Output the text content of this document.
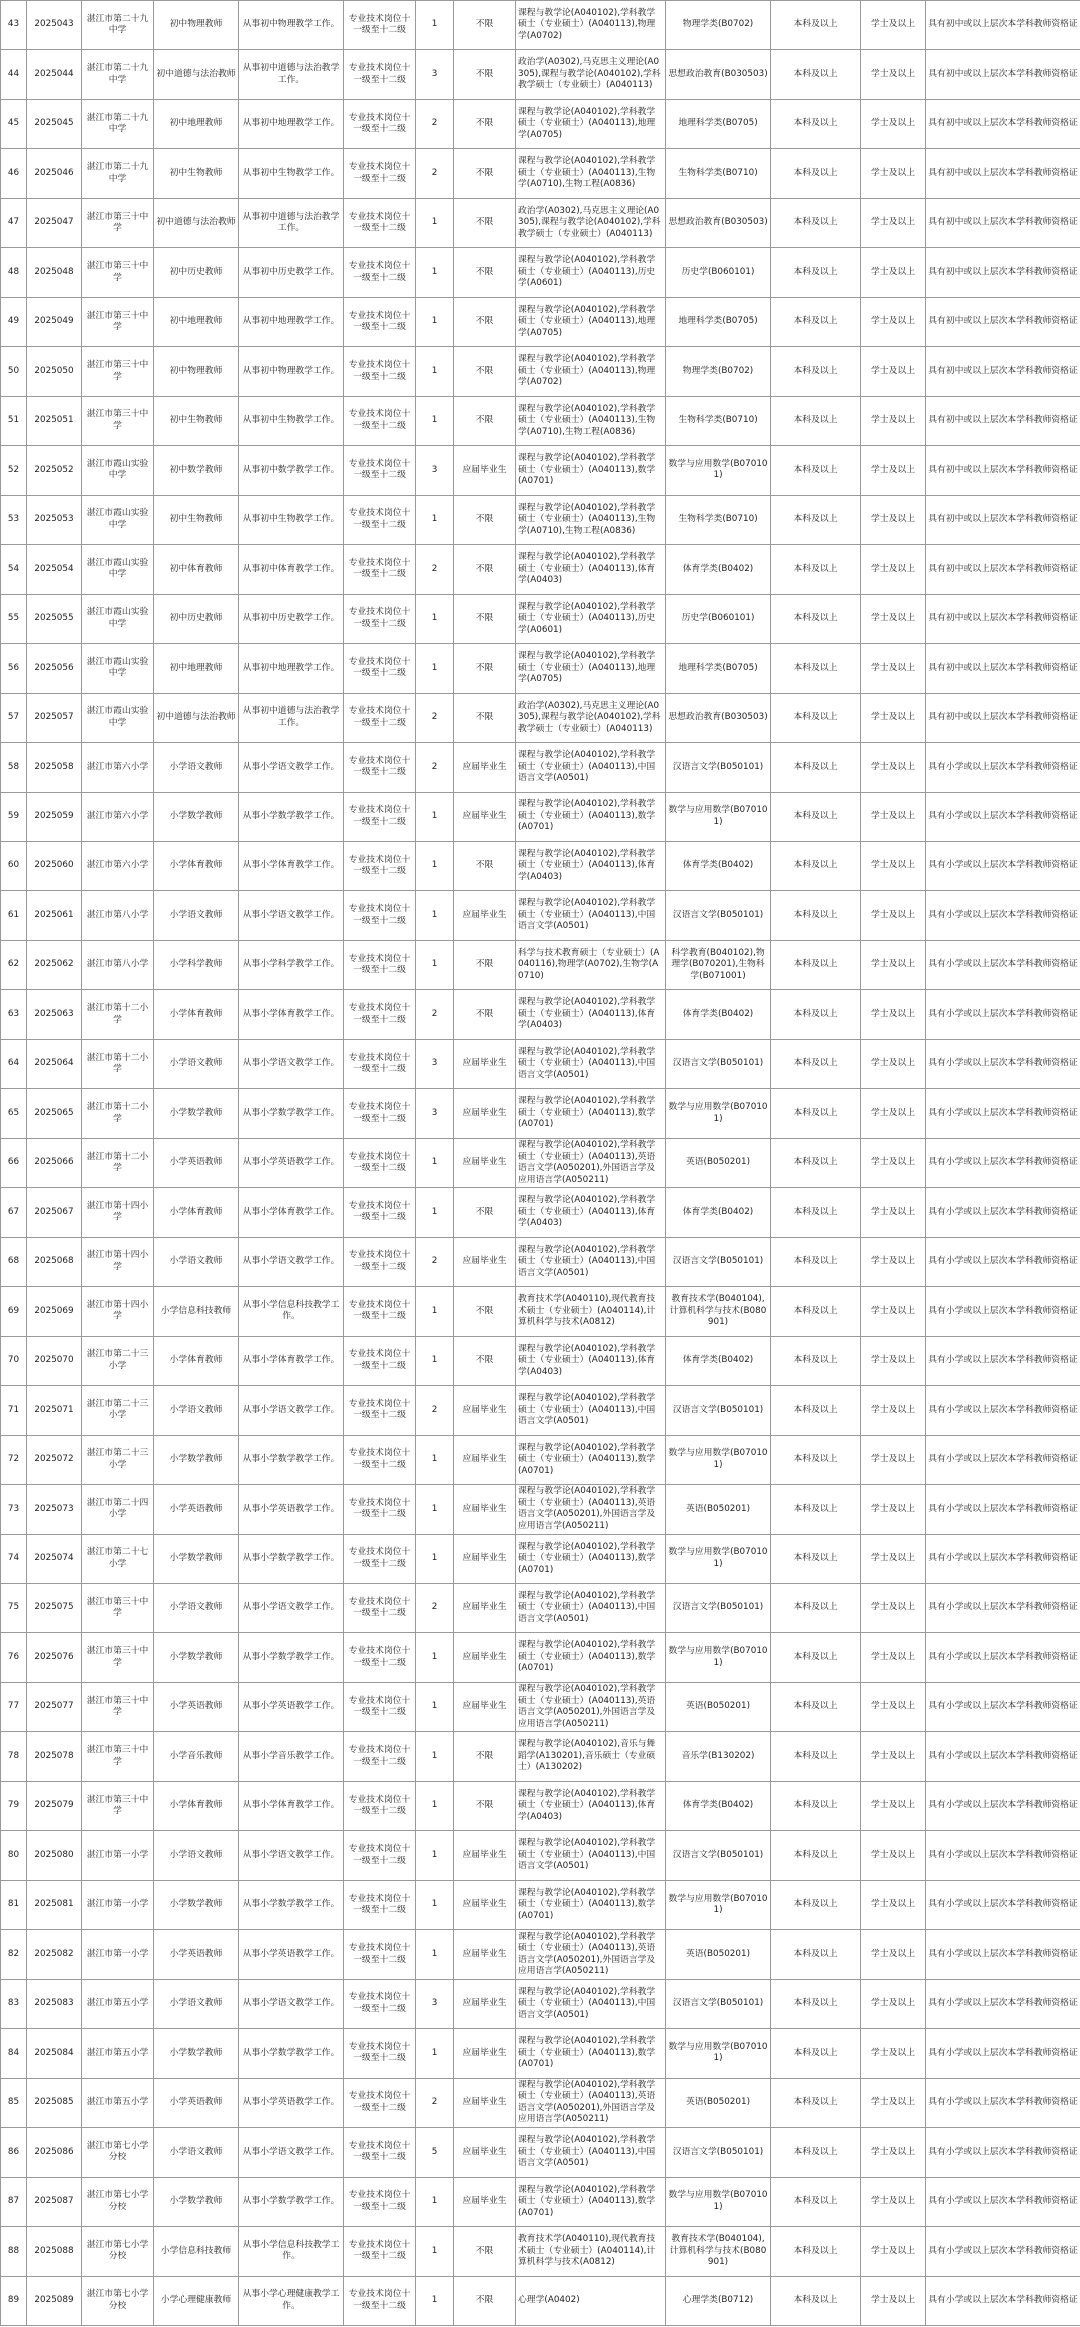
43	2025043	湛江市第二十九中学	初中物理教师	从事初中物理教学工作。	专业技术岗位十一级至十二级	1	不限	课程与教学论(A040102),学科教学硕士（专业硕士）(A040113),物理学(A0702)	物理学类(B0702)	本科及以上	学士及以上	具有初中或以上层次本学科教师资格证
44	2025044	湛江市第二十九中学	初中道德与法治教师	从事初中道德与法治教学工作。	专业技术岗位十一级至十二级	3	不限	政治学(A0302),马克思主义理论(A0305),课程与教学论(A040102),学科教学硕士（专业硕士）(A040113)	思想政治教育(B030503)	本科及以上	学士及以上	具有初中或以上层次本学科教师资格证
45	2025045	湛江市第二十九中学	初中地理教师	从事初中地理教学工作。	专业技术岗位十一级至十二级	2	不限	课程与教学论(A040102),学科教学硕士（专业硕士）(A040113),地理学(A0705)	地理科学类(B0705)	本科及以上	学士及以上	具有初中或以上层次本学科教师资格证
46	2025046	湛江市第二十九中学	初中生物教师	从事初中生物教学工作。	专业技术岗位十一级至十二级	2	不限	课程与教学论(A040102),学科教学硕士（专业硕士）(A040113),生物学(A0710),生物工程(A0836)	生物科学类(B0710)	本科及以上	学士及以上	具有初中或以上层次本学科教师资格证
47	2025047	湛江市第三十中学	初中道德与法治教师	从事初中道德与法治教学工作。	专业技术岗位十一级至十二级	1	不限	政治学(A0302),马克思主义理论(A0305),课程与教学论(A040102),学科教学硕士（专业硕士）(A040113)	思想政治教育(B030503)	本科及以上	学士及以上	具有初中或以上层次本学科教师资格证
48	2025048	湛江市第三十中学	初中历史教师	从事初中历史教学工作。	专业技术岗位十一级至十二级	1	不限	课程与教学论(A040102),学科教学硕士（专业硕士）(A040113),历史学(A0601)	历史学(B060101)	本科及以上	学士及以上	具有初中或以上层次本学科教师资格证
49	2025049	湛江市第三十中学	初中地理教师	从事初中地理教学工作。	专业技术岗位十一级至十二级	1	不限	课程与教学论(A040102),学科教学硕士（专业硕士）(A040113),地理学(A0705)	地理科学类(B0705)	本科及以上	学士及以上	具有初中或以上层次本学科教师资格证
50	2025050	湛江市第三十中学	初中物理教师	从事初中物理教学工作。	专业技术岗位十一级至十二级	1	不限	课程与教学论(A040102),学科教学硕士（专业硕士）(A040113),物理学(A0702)	物理学类(B0702)	本科及以上	学士及以上	具有初中或以上层次本学科教师资格证
51	2025051	湛江市第三十中学	初中生物教师	从事初中生物教学工作。	专业技术岗位十一级至十二级	1	不限	课程与教学论(A040102),学科教学硕士（专业硕士）(A040113),生物学(A0710),生物工程(A0836)	生物科学类(B0710)	本科及以上	学士及以上	具有初中或以上层次本学科教师资格证
52	2025052	湛江市霞山实验中学	初中数学教师	从事初中数学教学工作。	专业技术岗位十一级至十二级	3	应届毕业生	课程与教学论(A040102),学科教学硕士（专业硕士）(A040113),数学(A0701)	数学与应用数学(B070101)	本科及以上	学士及以上	具有初中或以上层次本学科教师资格证
53	2025053	湛江市霞山实验中学	初中生物教师	从事初中生物教学工作。	专业技术岗位十一级至十二级	1	不限	课程与教学论(A040102),学科教学硕士（专业硕士）(A040113),生物学(A0710),生物工程(A0836)	生物科学类(B0710)	本科及以上	学士及以上	具有初中或以上层次本学科教师资格证
54	2025054	湛江市霞山实验中学	初中体育教师	从事初中体育教学工作。	专业技术岗位十一级至十二级	2	不限	课程与教学论(A040102),学科教学硕士（专业硕士）(A040113),体育学(A0403)	体育学类(B0402)	本科及以上	学士及以上	具有初中或以上层次本学科教师资格证
55	2025055	湛江市霞山实验中学	初中历史教师	从事初中历史教学工作。	专业技术岗位十一级至十二级	1	不限	课程与教学论(A040102),学科教学硕士（专业硕士）(A040113),历史学(A0601)	历史学(B060101)	本科及以上	学士及以上	具有初中或以上层次本学科教师资格证
56	2025056	湛江市霞山实验中学	初中地理教师	从事初中地理教学工作。	专业技术岗位十一级至十二级	1	不限	课程与教学论(A040102),学科教学硕士（专业硕士）(A040113),地理学(A0705)	地理科学类(B0705)	本科及以上	学士及以上	具有初中或以上层次本学科教师资格证
57	2025057	湛江市霞山实验中学	初中道德与法治教师	从事初中道德与法治教学工作。	专业技术岗位十一级至十二级	2	不限	政治学(A0302),马克思主义理论(A0305),课程与教学论(A040102),学科教学硕士（专业硕士）(A040113)	思想政治教育(B030503)	本科及以上	学士及以上	具有初中或以上层次本学科教师资格证
58	2025058	湛江市第六小学	小学语文教师	从事小学语文教学工作。	专业技术岗位十一级至十二级	2	应届毕业生	课程与教学论(A040102),学科教学硕士（专业硕士）(A040113),中国语言文学(A0501)	汉语言文学(B050101)	本科及以上	学士及以上	具有小学或以上层次本学科教师资格证
59	2025059	湛江市第六小学	小学数学教师	从事小学数学教学工作。	专业技术岗位十一级至十二级	1	应届毕业生	课程与教学论(A040102),学科教学硕士（专业硕士）(A040113),数学(A0701)	数学与应用数学(B070101)	本科及以上	学士及以上	具有小学或以上层次本学科教师资格证
60	2025060	湛江市第六小学	小学体育教师	从事小学体育教学工作。	专业技术岗位十一级至十二级	1	不限	课程与教学论(A040102),学科教学硕士（专业硕士）(A040113),体育学(A0403)	体育学类(B0402)	本科及以上	学士及以上	具有小学或以上层次本学科教师资格证
61	2025061	湛江市第八小学	小学语文教师	从事小学语文教学工作。	专业技术岗位十一级至十二级	1	应届毕业生	课程与教学论(A040102),学科教学硕士（专业硕士）(A040113),中国语言文学(A0501)	汉语言文学(B050101)	本科及以上	学士及以上	具有小学或以上层次本学科教师资格证
62	2025062	湛江市第八小学	小学科学教师	从事小学科学教学工作。	专业技术岗位十一级至十二级	1	不限	科学与技术教育硕士（专业硕士）(A040116),物理学(A0702),生物学(A0710)	科学教育(B040102),物理学(B070201),生物科学(B071001)	本科及以上	学士及以上	具有小学或以上层次本学科教师资格证
63	2025063	湛江市第十二小学	小学体育教师	从事小学体育教学工作。	专业技术岗位十一级至十二级	2	不限	课程与教学论(A040102),学科教学硕士（专业硕士）(A040113),体育学(A0403)	体育学类(B0402)	本科及以上	学士及以上	具有小学或以上层次本学科教师资格证
64	2025064	湛江市第十二小学	小学语文教师	从事小学语文教学工作。	专业技术岗位十一级至十二级	3	应届毕业生	课程与教学论(A040102),学科教学硕士（专业硕士）(A040113),中国语言文学(A0501)	汉语言文学(B050101)	本科及以上	学士及以上	具有小学或以上层次本学科教师资格证
65	2025065	湛江市第十二小学	小学数学教师	从事小学数学教学工作。	专业技术岗位十一级至十二级	3	应届毕业生	课程与教学论(A040102),学科教学硕士（专业硕士）(A040113),数学(A0701)	数学与应用数学(B070101)	本科及以上	学士及以上	具有小学或以上层次本学科教师资格证
66	2025066	湛江市第十二小学	小学英语教师	从事小学英语教学工作。	专业技术岗位十一级至十二级	1	应届毕业生	课程与教学论(A040102),学科教学硕士（专业硕士）(A040113),英语语言文学(A050201),外国语言学及应用语言学(A050211)	英语(B050201)	本科及以上	学士及以上	具有小学或以上层次本学科教师资格证
67	2025067	湛江市第十四小学	小学体育教师	从事小学体育教学工作。	专业技术岗位十一级至十二级	1	不限	课程与教学论(A040102),学科教学硕士（专业硕士）(A040113),体育学(A0403)	体育学类(B0402)	本科及以上	学士及以上	具有小学或以上层次本学科教师资格证
68	2025068	湛江市第十四小学	小学语文教师	从事小学语文教学工作。	专业技术岗位十一级至十二级	2	应届毕业生	课程与教学论(A040102),学科教学硕士（专业硕士）(A040113),中国语言文学(A0501)	汉语言文学(B050101)	本科及以上	学士及以上	具有小学或以上层次本学科教师资格证
69	2025069	湛江市第十四小学	小学信息科技教师	从事小学信息科技教学工作。	专业技术岗位十一级至十二级	1	不限	教育技术学(A040110),现代教育技术硕士（专业硕士）(A040114),计算机科学与技术(A0812)	教育技术学(B040104),计算机科学与技术(B080901)	本科及以上	学士及以上	具有小学或以上层次本学科教师资格证
70	2025070	湛江市第二十三小学	小学体育教师	从事小学体育教学工作。	专业技术岗位十一级至十二级	1	不限	课程与教学论(A040102),学科教学硕士（专业硕士）(A040113),体育学(A0403)	体育学类(B0402)	本科及以上	学士及以上	具有小学或以上层次本学科教师资格证
71	2025071	湛江市第二十三小学	小学语文教师	从事小学语文教学工作。	专业技术岗位十一级至十二级	2	应届毕业生	课程与教学论(A040102),学科教学硕士（专业硕士）(A040113),中国语言文学(A0501)	汉语言文学(B050101)	本科及以上	学士及以上	具有小学或以上层次本学科教师资格证
72	2025072	湛江市第二十三小学	小学数学教师	从事小学数学教学工作。	专业技术岗位十一级至十二级	1	应届毕业生	课程与教学论(A040102),学科教学硕士（专业硕士）(A040113),数学(A0701)	数学与应用数学(B070101)	本科及以上	学士及以上	具有小学或以上层次本学科教师资格证
73	2025073	湛江市第二十四小学	小学英语教师	从事小学英语教学工作。	专业技术岗位十一级至十二级	1	应届毕业生	课程与教学论(A040102),学科教学硕士（专业硕士）(A040113),英语语言文学(A050201),外国语言学及应用语言学(A050211)	英语(B050201)	本科及以上	学士及以上	具有小学或以上层次本学科教师资格证
74	2025074	湛江市第二十七小学	小学数学教师	从事小学数学教学工作。	专业技术岗位十一级至十二级	1	应届毕业生	课程与教学论(A040102),学科教学硕士（专业硕士）(A040113),数学(A0701)	数学与应用数学(B070101)	本科及以上	学士及以上	具有小学或以上层次本学科教师资格证
75	2025075	湛江市第三十中学	小学语文教师	从事小学语文教学工作。	专业技术岗位十一级至十二级	2	应届毕业生	课程与教学论(A040102),学科教学硕士（专业硕士）(A040113),中国语言文学(A0501)	汉语言文学(B050101)	本科及以上	学士及以上	具有小学或以上层次本学科教师资格证
76	2025076	湛江市第三十中学	小学数学教师	从事小学数学教学工作。	专业技术岗位十一级至十二级	1	应届毕业生	课程与教学论(A040102),学科教学硕士（专业硕士）(A040113),数学(A0701)	数学与应用数学(B070101)	本科及以上	学士及以上	具有小学或以上层次本学科教师资格证
77	2025077	湛江市第三十中学	小学英语教师	从事小学英语教学工作。	专业技术岗位十一级至十二级	1	应届毕业生	课程与教学论(A040102),学科教学硕士（专业硕士）(A040113),英语语言文学(A050201),外国语言学及应用语言学(A050211)	英语(B050201)	本科及以上	学士及以上	具有小学或以上层次本学科教师资格证
78	2025078	湛江市第三十中学	小学音乐教师	从事小学音乐教学工作。	专业技术岗位十一级至十二级	1	不限	课程与教学论(A040102),音乐与舞蹈学(A130201),音乐硕士（专业硕士）(A130202)	音乐学(B130202)	本科及以上	学士及以上	具有小学或以上层次本学科教师资格证
79	2025079	湛江市第三十中学	小学体育教师	从事小学体育教学工作。	专业技术岗位十一级至十二级	1	不限	课程与教学论(A040102),学科教学硕士（专业硕士）(A040113),体育学(A0403)	体育学类(B0402)	本科及以上	学士及以上	具有小学或以上层次本学科教师资格证
80	2025080	湛江市第一小学	小学语文教师	从事小学语文教学工作。	专业技术岗位十一级至十二级	1	应届毕业生	课程与教学论(A040102),学科教学硕士（专业硕士）(A040113),中国语言文学(A0501)	汉语言文学(B050101)	本科及以上	学士及以上	具有小学或以上层次本学科教师资格证
81	2025081	湛江市第一小学	小学数学教师	从事小学数学教学工作。	专业技术岗位十一级至十二级	1	应届毕业生	课程与教学论(A040102),学科教学硕士（专业硕士）(A040113),数学(A0701)	数学与应用数学(B070101)	本科及以上	学士及以上	具有小学或以上层次本学科教师资格证
82	2025082	湛江市第一小学	小学英语教师	从事小学英语教学工作。	专业技术岗位十一级至十二级	1	应届毕业生	课程与教学论(A040102),学科教学硕士（专业硕士）(A040113),英语语言文学(A050201),外国语言学及应用语言学(A050211)	英语(B050201)	本科及以上	学士及以上	具有小学或以上层次本学科教师资格证
83	2025083	湛江市第五小学	小学语文教师	从事小学语文教学工作。	专业技术岗位十一级至十二级	3	应届毕业生	课程与教学论(A040102),学科教学硕士（专业硕士）(A040113),中国语言文学(A0501)	汉语言文学(B050101)	本科及以上	学士及以上	具有小学或以上层次本学科教师资格证
84	2025084	湛江市第五小学	小学数学教师	从事小学数学教学工作。	专业技术岗位十一级至十二级	1	应届毕业生	课程与教学论(A040102),学科教学硕士（专业硕士）(A040113),数学(A0701)	数学与应用数学(B070101)	本科及以上	学士及以上	具有小学或以上层次本学科教师资格证
85	2025085	湛江市第五小学	小学英语教师	从事小学英语教学工作。	专业技术岗位十一级至十二级	2	应届毕业生	课程与教学论(A040102),学科教学硕士（专业硕士）(A040113),英语语言文学(A050201),外国语言学及应用语言学(A050211)	英语(B050201)	本科及以上	学士及以上	具有小学或以上层次本学科教师资格证
86	2025086	湛江市第七小学分校	小学语文教师	从事小学语文教学工作。	专业技术岗位十一级至十二级	5	应届毕业生	课程与教学论(A040102),学科教学硕士（专业硕士）(A040113),中国语言文学(A0501)	汉语言文学(B050101)	本科及以上	学士及以上	具有小学或以上层次本学科教师资格证
87	2025087	湛江市第七小学分校	小学数学教师	从事小学数学教学工作。	专业技术岗位十一级至十二级	1	应届毕业生	课程与教学论(A040102),学科教学硕士（专业硕士）(A040113),数学(A0701)	数学与应用数学(B070101)	本科及以上	学士及以上	具有小学或以上层次本学科教师资格证
88	2025088	湛江市第七小学分校	小学信息科技教师	从事小学信息科技教学工作。	专业技术岗位十一级至十二级	1	不限	教育技术学(A040110),现代教育技术硕士（专业硕士）(A040114),计算机科学与技术(A0812)	教育技术学(B040104),计算机科学与技术(B080901)	本科及以上	学士及以上	具有小学或以上层次本学科教师资格证
89	2025089	湛江市第七小学分校	小学心理健康教师	从事小学心理健康教学工作。	专业技术岗位十一级至十二级	1	不限	心理学(A0402)	心理学类(B0712)	本科及以上	学士及以上	具有小学或以上层次本学科教师资格证
